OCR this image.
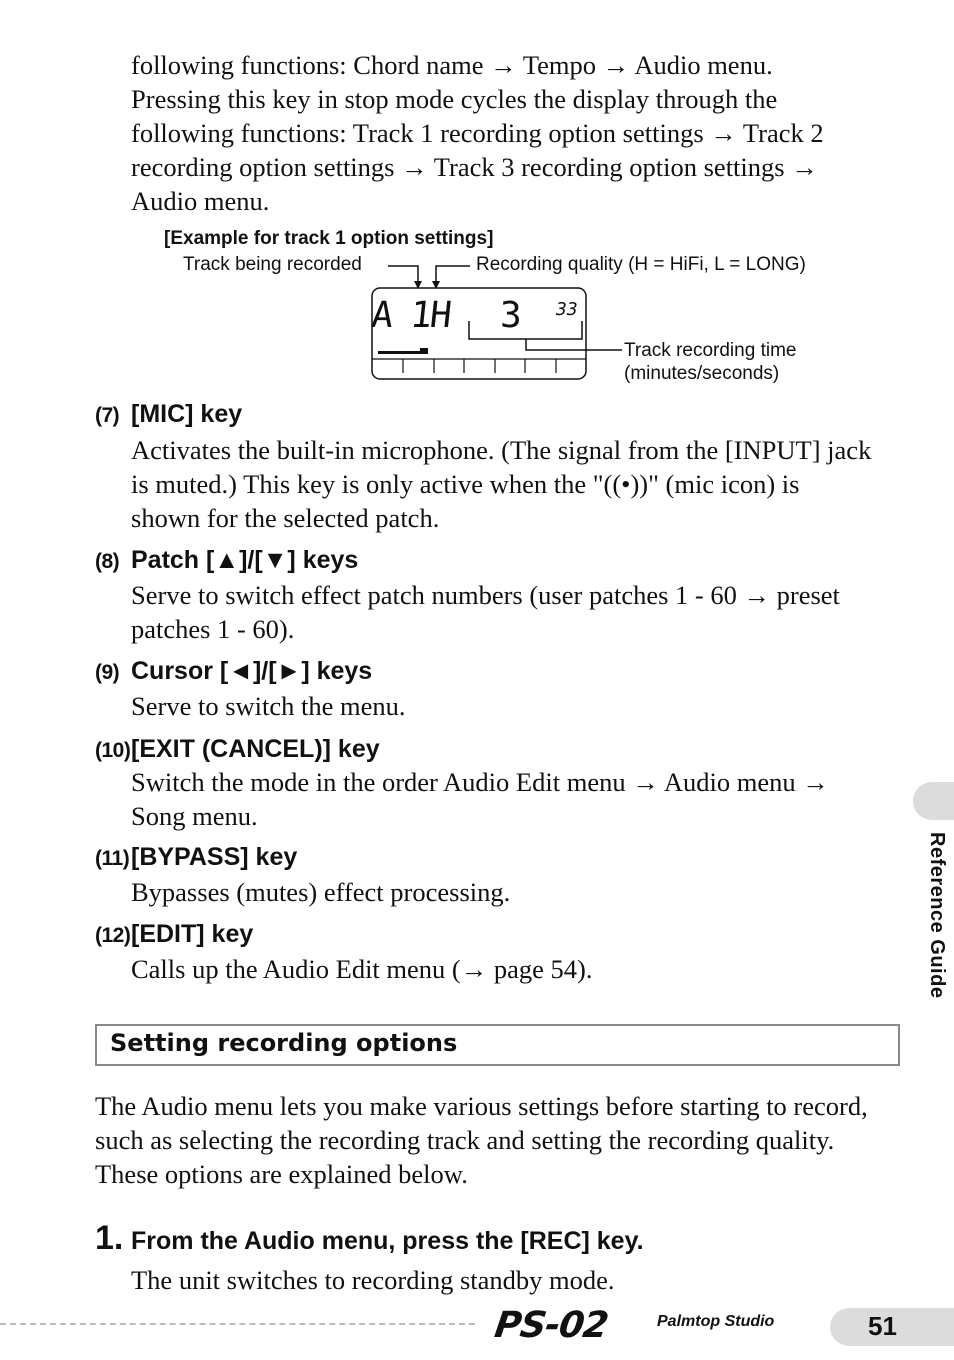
following functions: Chord name → Tempo → Audio menu.
Pressing this key in stop mode cycles the display through the
following functions: Track 1 recording option settings → Track 2
recording option settings → Track 3 recording option settings →
Audio menu.
[Example for track 1 option settings]
Track being recorded	Recording quality (H = HiFi, L = LONG)
Track recording time
(minutes/seconds)
A 1H 3 33
(7) [MIC] key
Activates the built-in microphone. (The signal from the [INPUT] jack
is muted.) This key is only active when the "((•))" (mic icon) is
shown for the selected patch.
(8) Patch [▲]/[▼] keys
Serve to switch effect patch numbers (user patches 1 - 60 → preset
patches 1 - 60).
(9) Cursor [◄]/[►] keys
Serve to switch the menu.
(10)[EXIT (CANCEL)] key
Switch the mode in the order Audio Edit menu → Audio menu →
Song menu.
(11)[BYPASS] key
Bypasses (mutes) effect processing.
(12)[EDIT] key
Calls up the Audio Edit menu (→ page 54).
Setting recording options
The Audio menu lets you make various settings before starting to record,
such as selecting the recording track and setting the recording quality.
These options are explained below.
1. From the Audio menu, press the [REC] key.
The unit switches to recording standby mode.
Reference Guide
PS-02	Palmtop Studio	51
